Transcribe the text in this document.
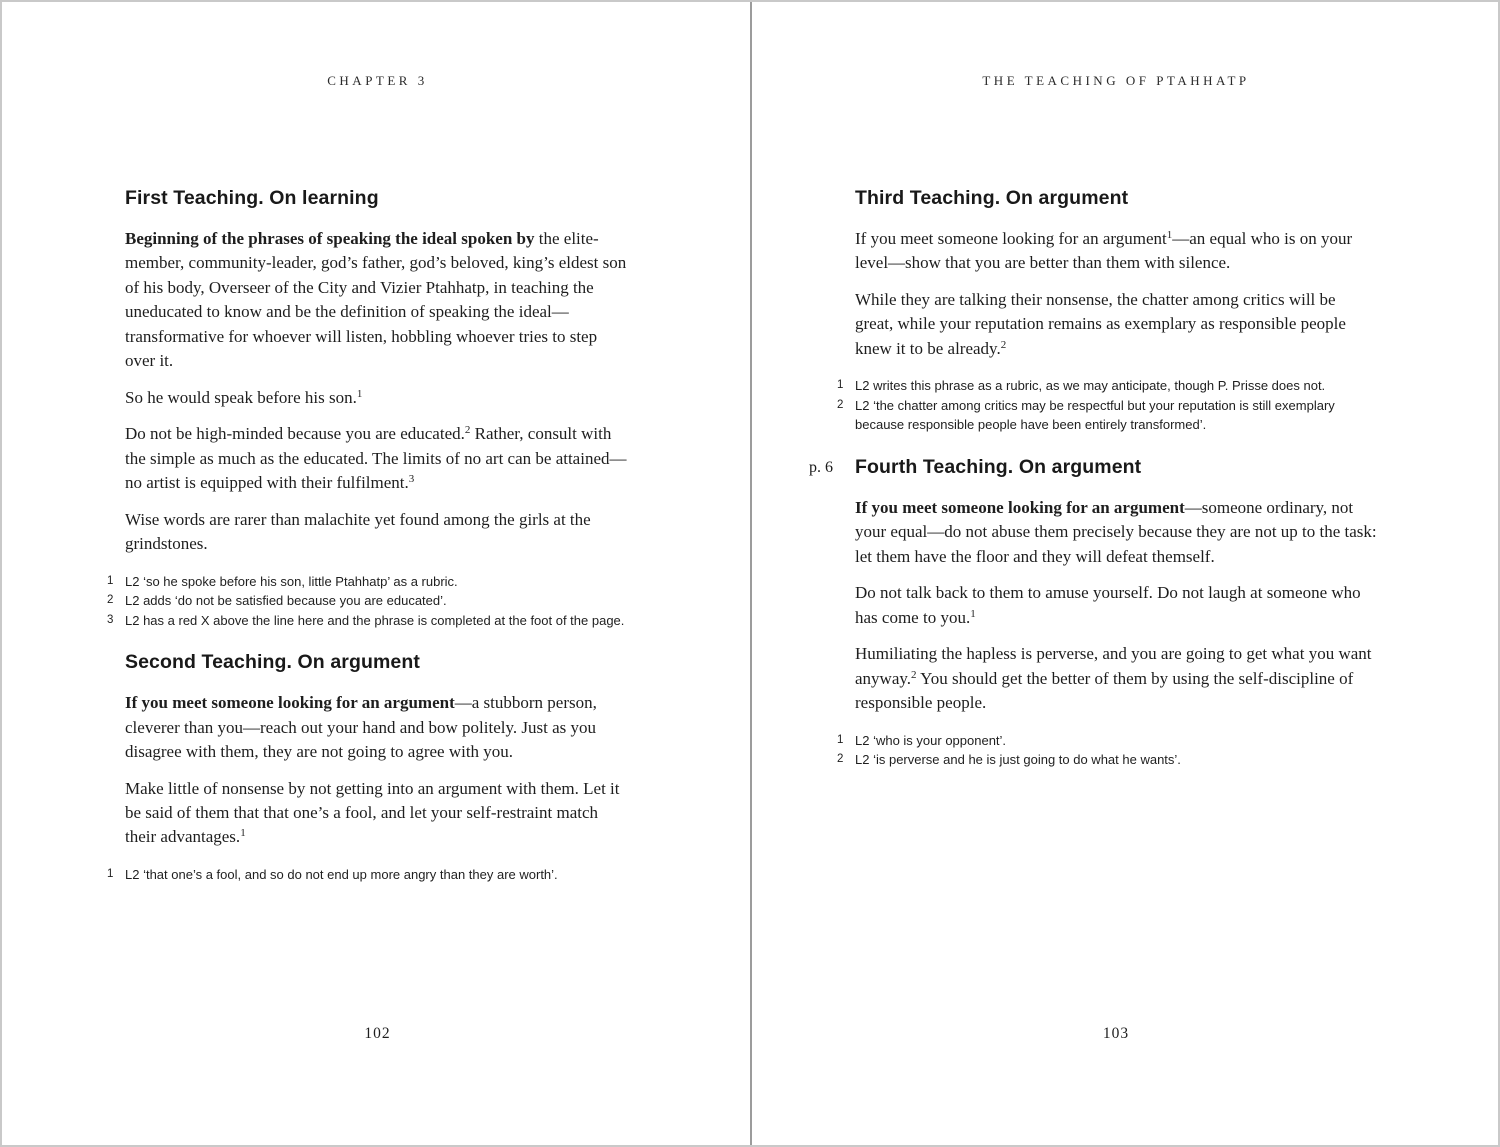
CHAPTER 3
First Teaching. On learning

Beginning of the phrases of speaking the ideal spoken by the elite-member, community-leader, god’s father, god’s beloved, king’s eldest son of his body, Overseer of the City and Vizier Ptahhatp, in teaching the uneducated to know and be the definition of speaking the ideal—transformative for whoever will listen, hobbling whoever tries to step over it.

So he would speak before his son.$^1$

Do not be high-minded because you are educated.$^2$ Rather, consult with the simple as much as the educated. The limits of no art can be attained—no artist is equipped with their fulfilment.$^3$

Wise words are rarer than malachite yet found among the girls at the grindstones.

1 L2 ‘so he spoke before his son, little Ptahhatp’ as a rubric.
2 L2 adds ‘do not be satisfied because you are educated’.
3 L2 has a red X above the line here and the phrase is completed at the foot of the page.
Second Teaching. On argument

If you meet someone looking for an argument—a stubborn person, cleverer than you—reach out your hand and bow politely. Just as you disagree with them, they are not going to agree with you.

Make little of nonsense by not getting into an argument with them. Let it be said of them that that one’s a fool, and let your self-restraint match their advantages.$^1$

1 L2 ‘that one’s a fool, and so do not end up more angry than they are worth’.
102
THE TEACHING OF PTAHHATP
Third Teaching. On argument

If you meet someone looking for an argument$^1$—an equal who is on your level—show that you are better than them with silence.

While they are talking their nonsense, the chatter among critics will be great, while your reputation remains as exemplary as responsible people knew it to be already.$^2$

1 L2 writes this phrase as a rubric, as we may anticipate, though P. Prisse does not.
2 L2 ‘the chatter among critics may be respectful but your reputation is still exemplary because responsible people have been entirely transformed’.
p. 6 Fourth Teaching. On argument

If you meet someone looking for an argument—someone ordinary, not your equal—do not abuse them precisely because they are not up to the task: let them have the floor and they will defeat themself.

Do not talk back to them to amuse yourself. Do not laugh at someone who has come to you.$^1$

Humiliating the hapless is perverse, and you are going to get what you want anyway.$^2$ You should get the better of them by using the self-discipline of responsible people.

1 L2 ‘who is your opponent’.
2 L2 ‘is perverse and he is just going to do what he wants’.
103
